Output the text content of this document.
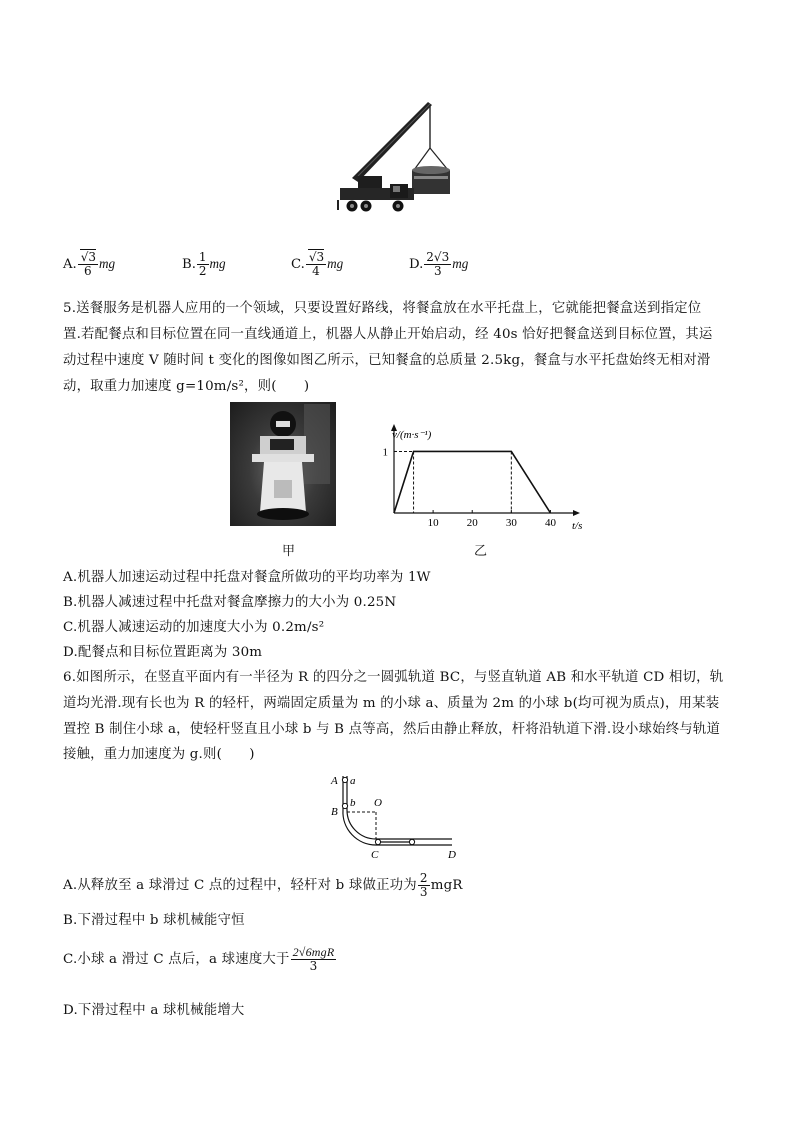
A. $\frac{√3}{6}$ mg	B. $\frac{1}{2}$ mg	C. $\frac{√3}{4}$ mg	D. $\frac{2√3}{3}$ mg
5.送餐服务是机器人应用的一个领域，只要设置好路线，将餐盒放在水平托盘上，它就能把餐盒送到指定位
置.若配餐点和目标位置在同一直线通道上，机器人从静止开始启动，经 40s 恰好把餐盒送到目标位置，其运
动过程中速度 V 随时间 t 变化的图像如图乙所示，已知餐盒的总质量 2.5kg，餐盒与水平托盘始终无相对滑
动，取重力加速度 g=10m/s²，则(　　)
甲
10	20	30	40
1
v/(m·s⁻¹)
t/s
乙
A.机器人加速运动过程中托盘对餐盒所做功的平均功率为 1W
B.机器人减速过程中托盘对餐盒摩擦力的大小为 0.25N
C.机器人减速运动的加速度大小为 0.2m/s²
D.配餐点和目标位置距离为 30m
6.如图所示，在竖直平面内有一半径为 R 的四分之一圆弧轨道 BC，与竖直轨道 AB 和水平轨道 CD 相切，轨
道均光滑.现有长也为 R 的轻杆，两端固定质量为 m 的小球 a、质量为 2m 的小球 b(均可视为质点)，用某装
置控 B 制住小球 a，使轻杆竖直且小球 b 与 B 点等高，然后由静止释放，杆将沿轨道下滑.设小球始终与轨道
接触，重力加速度为 g.则(　　)
A a
b
B
O
C	D
A.从释放至 a 球滑过 C 点的过程中，轻杆对 b 球做正功为 $\frac{2}{3}$ mgR
B.下滑过程中 b 球机械能守恒
C.小球 a 滑过 C 点后，a 球速度大于 $\frac{\text{2√6mgR}}{3}$
D.下滑过程中 a 球机械能增大
